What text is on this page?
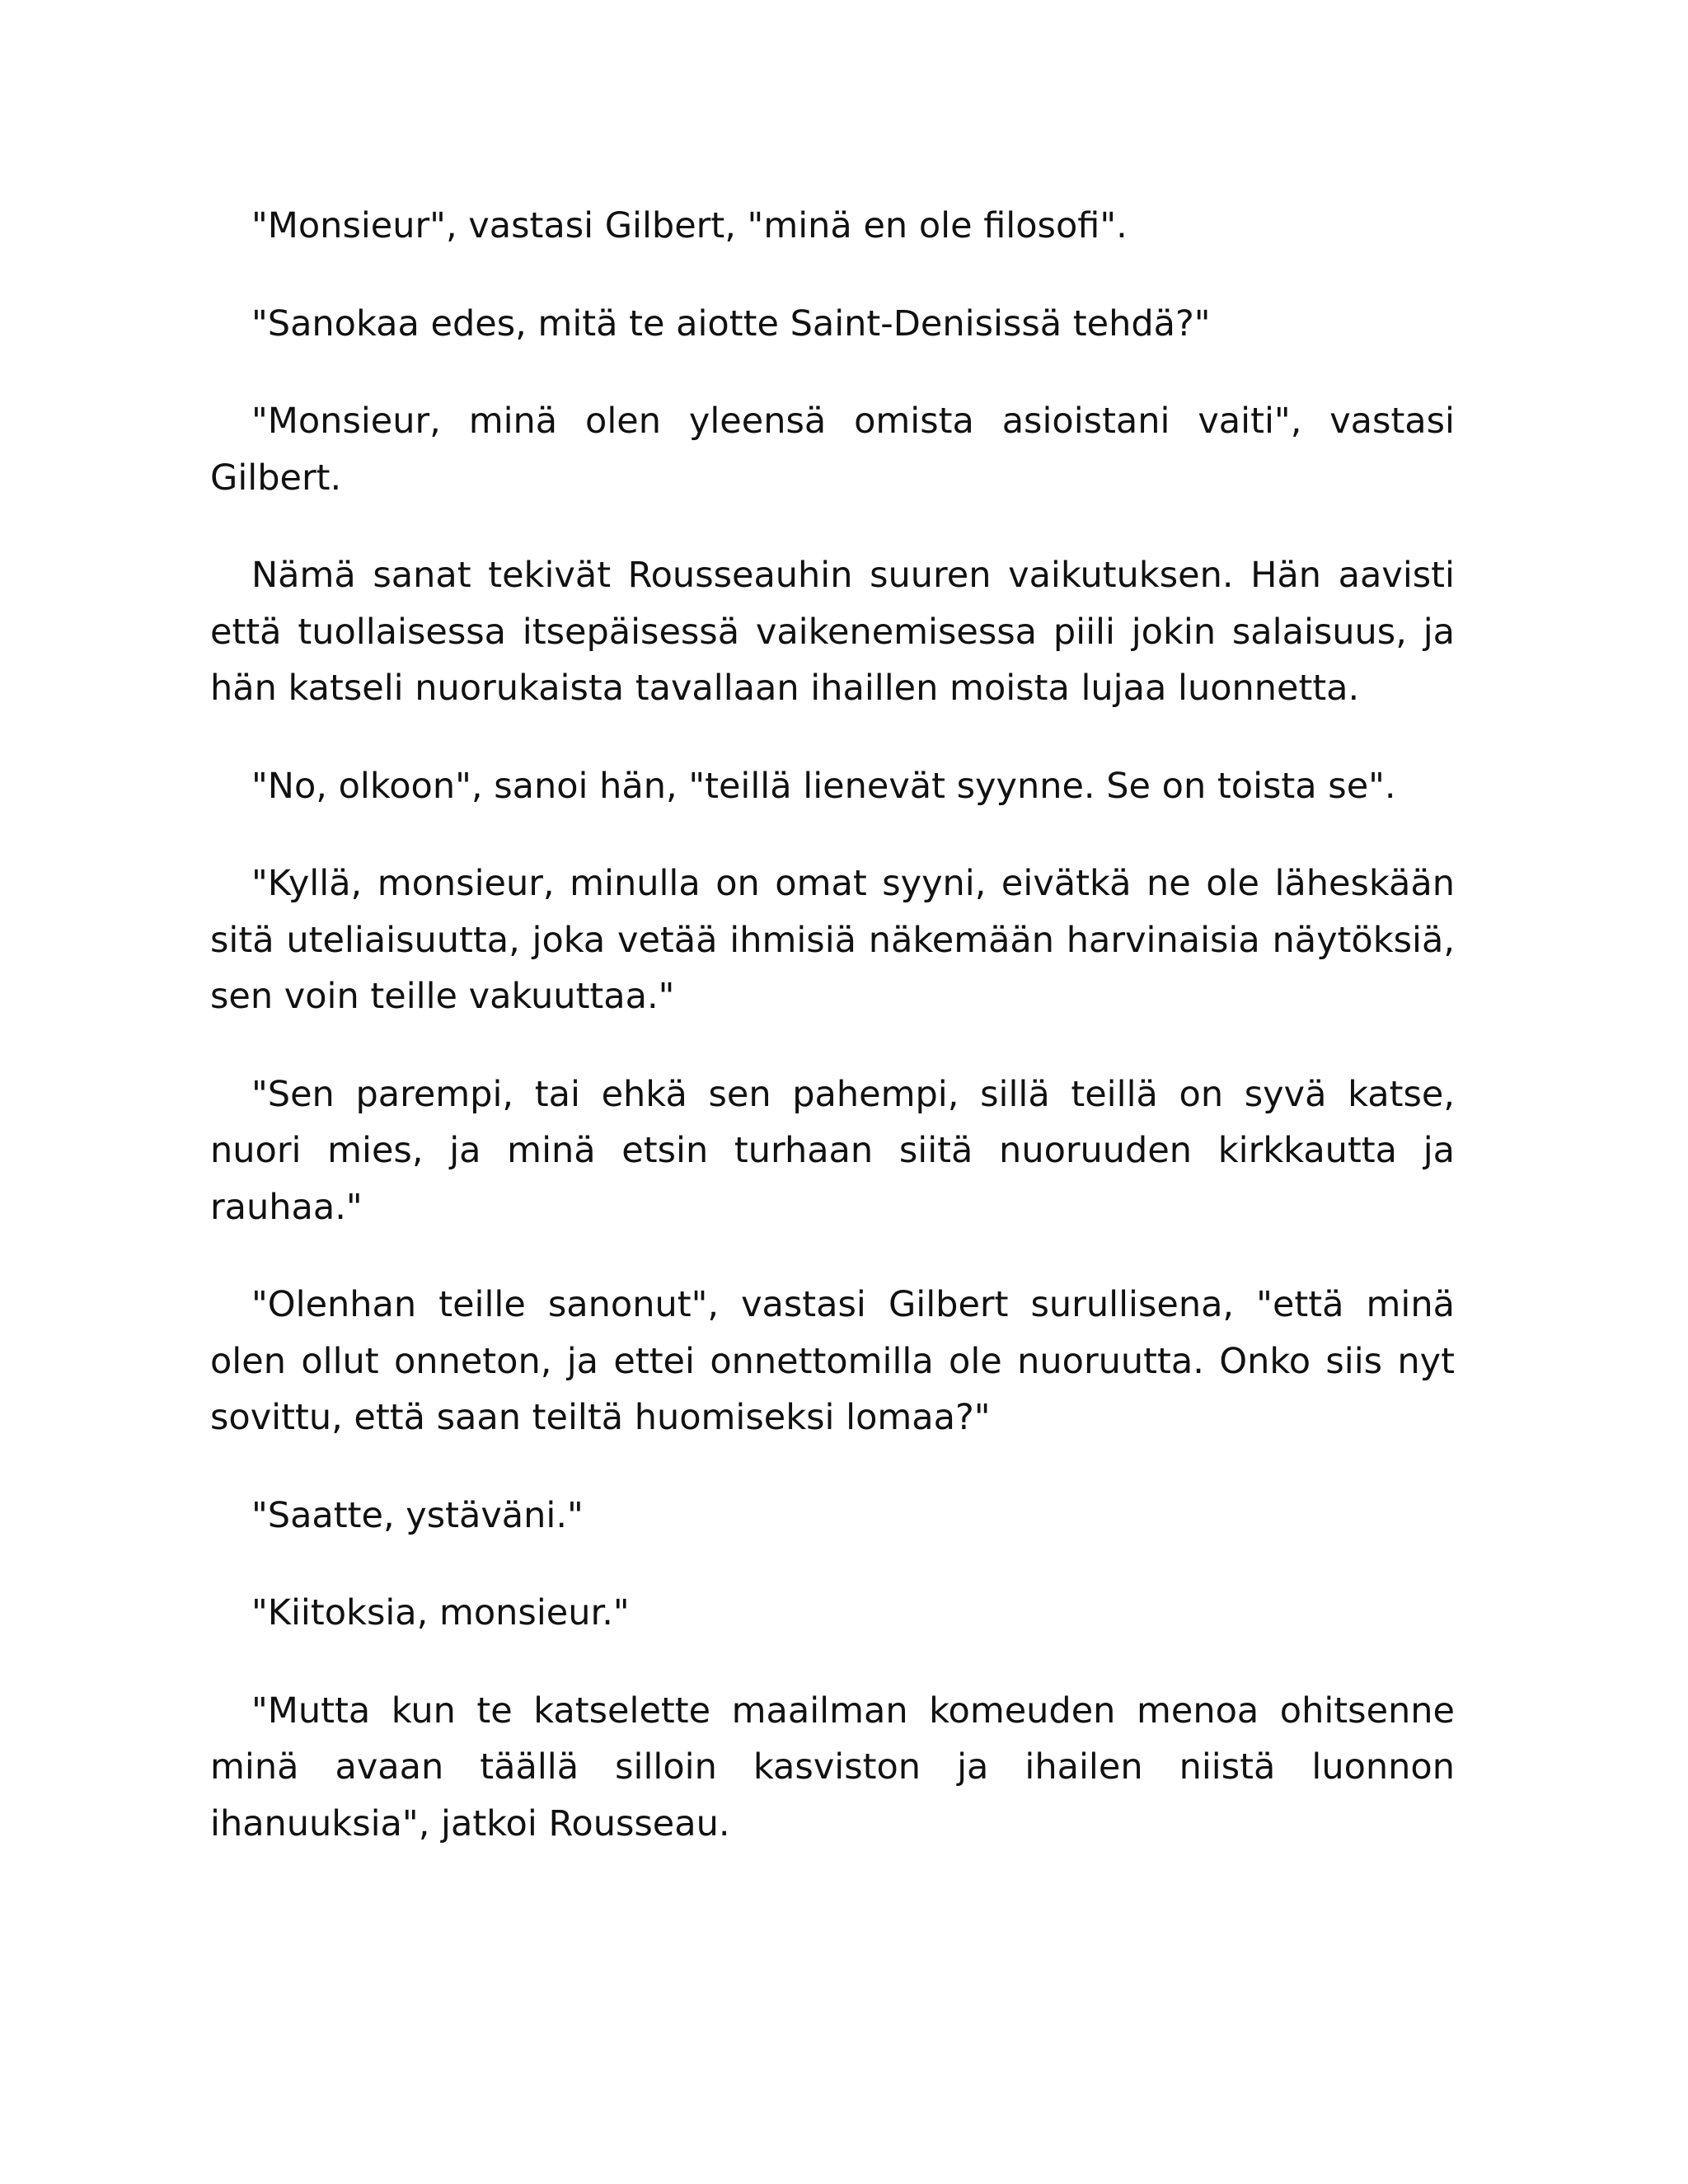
"Monsieur", vastasi Gilbert, "minä en ole filosofi".

"Sanokaa edes, mitä te aiotte Saint-Denisissä tehdä?"

"Monsieur, minä olen yleensä omista asioistani vaiti", vastasi Gilbert.

Nämä sanat tekivät Rousseauhin suuren vaikutuksen. Hän aavisti että tuollaisessa itsepäisessä vaikenemisessa piili jokin salaisuus, ja hän katseli nuorukaista tavallaan ihaillen moista lujaa luonnetta.

"No, olkoon", sanoi hän, "teillä lienevät syynne. Se on toista se".

"Kyllä, monsieur, minulla on omat syyni, eivätkä ne ole läheskään sitä uteliaisuutta, joka vetää ihmisiä näkemään harvinaisia näytöksiä, sen voin teille vakuuttaa."

"Sen parempi, tai ehkä sen pahempi, sillä teillä on syvä katse, nuori mies, ja minä etsin turhaan siitä nuoruuden kirkkautta ja rauhaa."

"Olenhan teille sanonut", vastasi Gilbert surullisena, "että minä olen ollut onneton, ja ettei onnettomilla ole nuoruutta. Onko siis nyt sovittu, että saan teiltä huomiseksi lomaa?"

"Saatte, ystäväni."

"Kiitoksia, monsieur."

"Mutta kun te katselette maailman komeuden menoa ohitsenne minä avaan täällä silloin kasviston ja ihailen niistä luonnon ihanuuksia", jatkoi Rousseau.
